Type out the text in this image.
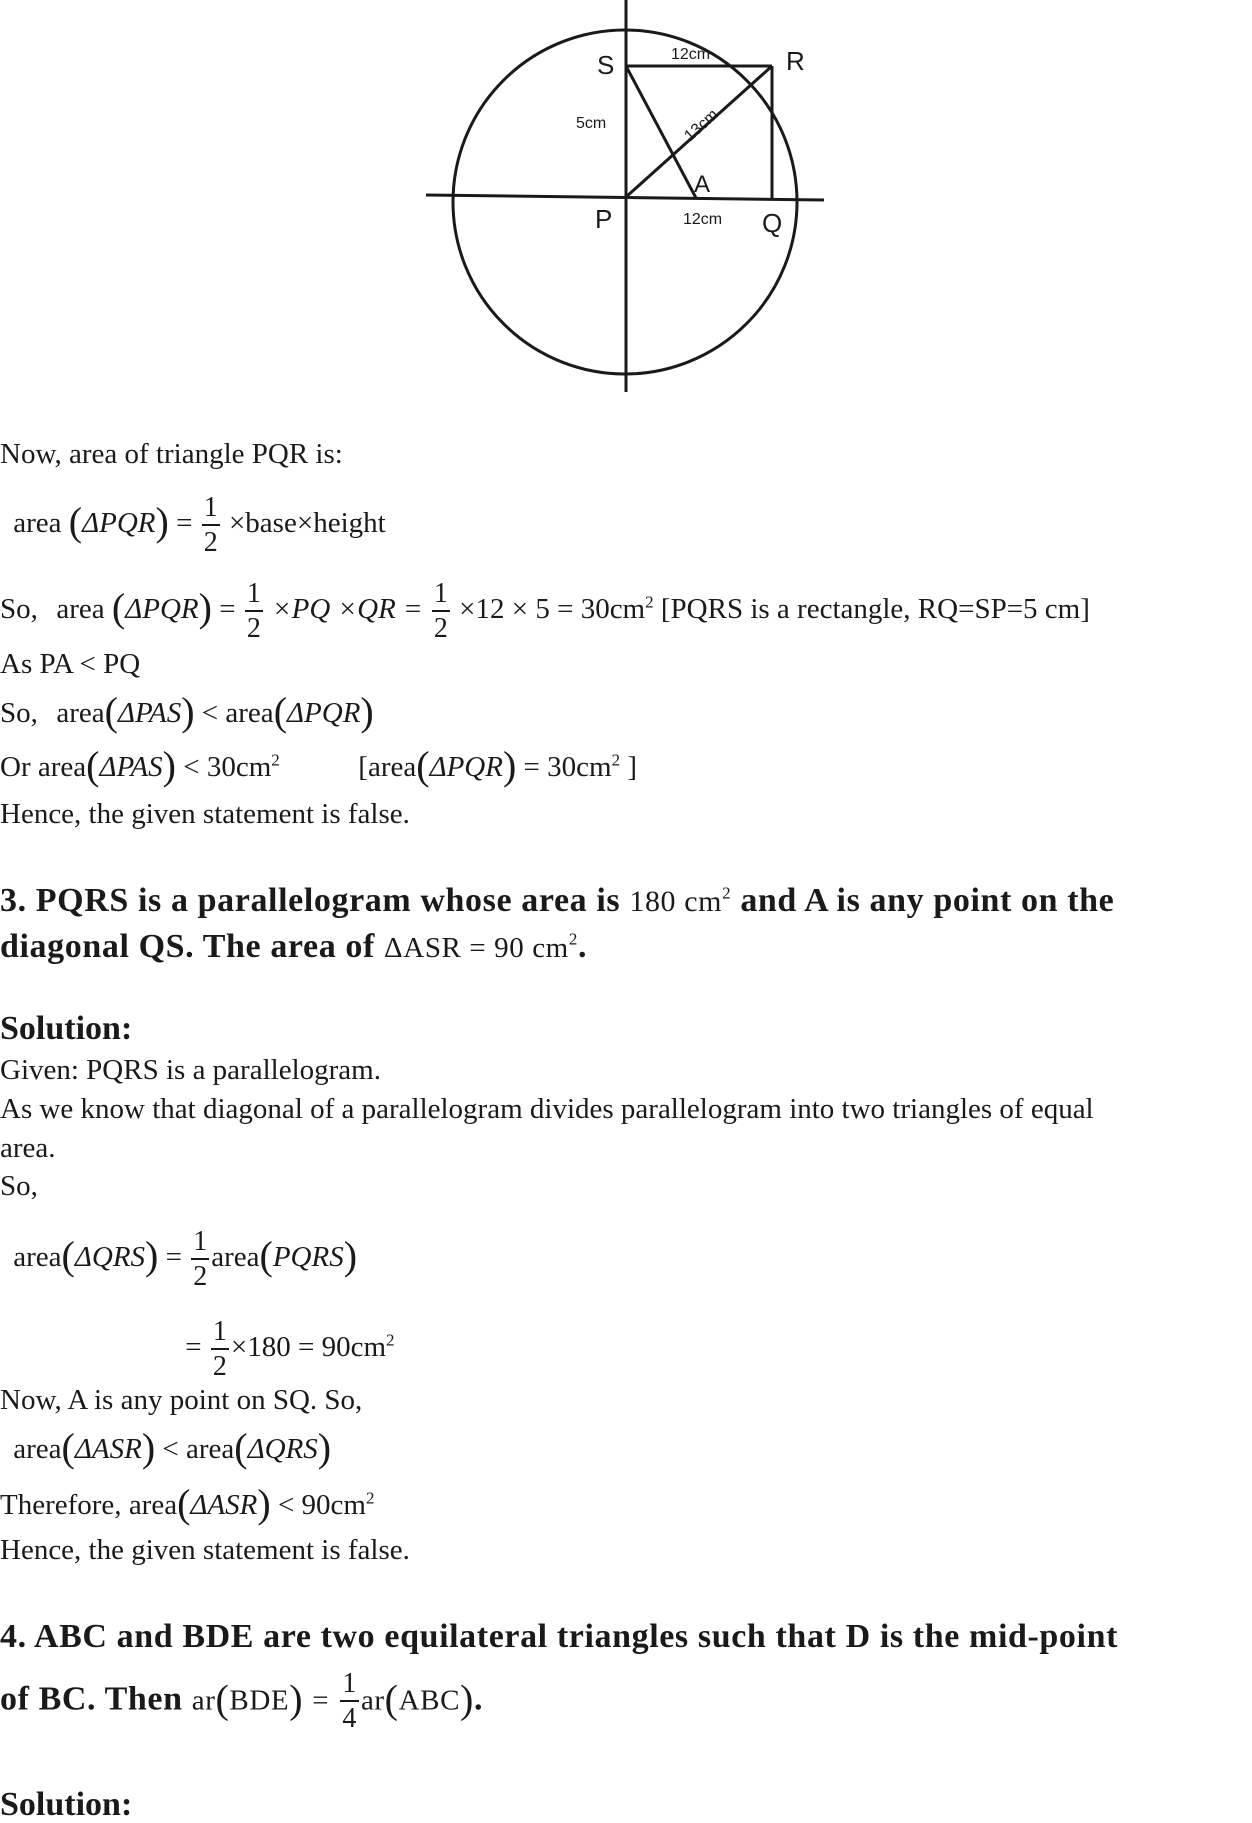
S	R
P	Q
A
12cm
5cm	13cm
12cm
Now, area of triangle PQR is:
area $(\Delta PQR) = \frac{1}{2}$ ×base×height
So, area $(\Delta PQR) = \frac{1}{2} \times PQ \times QR = \frac{1}{2} \times 12 \times 5 = 30cm^2$ [PQRS is a rectangle, RQ=SP=5 cm]
As PA < PQ
So, area(ΔPAS) < area(ΔPQR)
Or area(ΔPAS) < $30cm^2$	[area(ΔPQR) = $30cm^2$ ]
Hence, the given statement is false.
3. PQRS is a parallelogram whose area is 180 $cm^2$ and A is any point on the
diagonal QS. The area of ΔASR = 90 $cm^2$.
Solution:
Given: PQRS is a parallelogram.
As we know that diagonal of a parallelogram divides parallelogram into two triangles of equal
area.
So,
area(ΔQRS) = $\frac{1}{2}$ area(PQRS)
= $\frac{1}{2} \times 180 = 90cm^2$
Now, A is any point on SQ. So,
area(ΔASR) < area(ΔQRS)
Therefore, area(ΔASR) < $90cm^2$
Hence, the given statement is false.
4. ABC and BDE are two equilateral triangles such that D is the mid-point
of BC. Then $ar(BDE) = \frac{1}{4} ar(ABC)$.
Solution:
